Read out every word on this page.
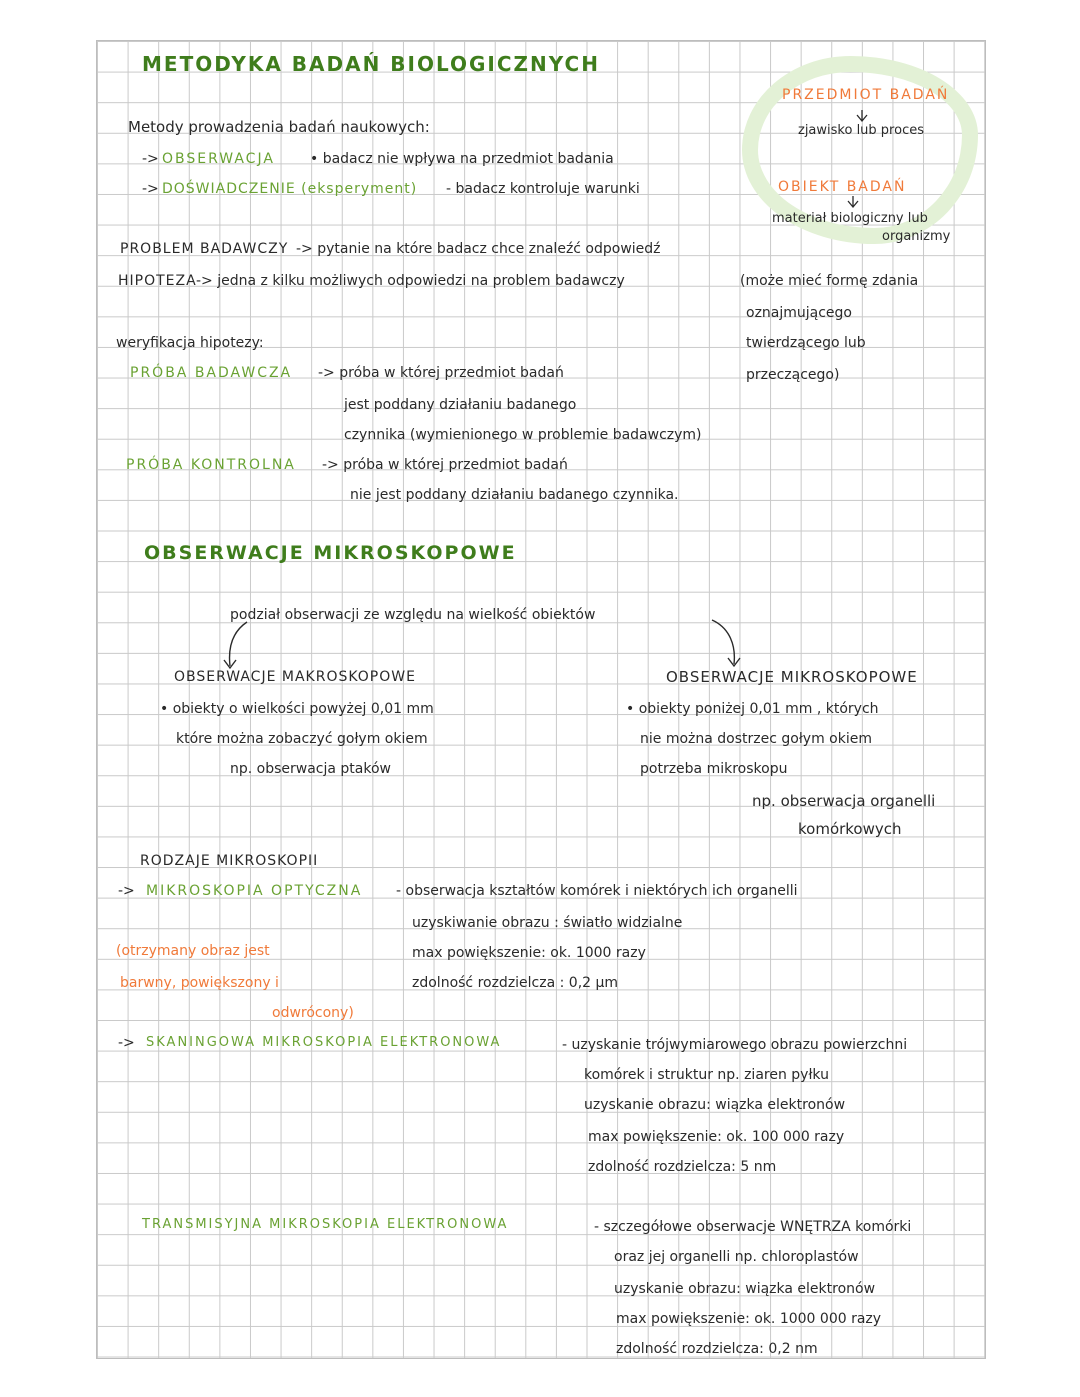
METODYKA BADAŃ BIOLOGICZNYCH
PRZEDMIOT BADAŃ
zjawisko lub proces
OBIEKT BADAŃ
materiał biologiczny lub
organizmy
Metody prowadzenia badań naukowych:
-> OBSERWACJA	• badacz nie wpływa na przedmiot badania
-> DOŚWIADCZENIE (eksperyment) - badacz kontroluje warunki
PROBLEM BADAWCZY -> pytanie na które badacz chce znaleźć odpowiedź
HIPOTEZA -> jedna z kilku możliwych odpowiedzi na problem badawczy	(może mieć formę zdania
oznajmującego
twierdzącego lub
przeczącego)
weryfikacja hipotezy:
PRÓBA BADAWCZA -> próba w której przedmiot badań
jest poddany działaniu badanego
czynnika (wymienionego w problemie badawczym)
PRÓBA KONTROLNA -> próba w której przedmiot badań
nie jest poddany działaniu badanego czynnika.
OBSERWACJE MIKROSKOPOWE
podział obserwacji ze względu na wielkość obiektów
OBSERWACJE MAKROSKOPOWE
• obiekty o wielkości powyżej 0,01 mm
które można zobaczyć gołym okiem
np. obserwacja ptaków
OBSERWACJE MIKROSKOPOWE
• obiekty poniżej 0,01 mm , których
nie można dostrzec gołym okiem
potrzeba mikroskopu
np. obserwacja organelli
komórkowych
RODZAJE MIKROSKOPII
-> MIKROSKOPIA OPTYCZNA - obserwacja kształtów komórek i niektórych ich organelli
uzyskiwanie obrazu : światło widzialne
max powiększenie: ok. 1000 razy
zdolność rozdzielcza : 0,2 µm
(otrzymany obraz jest
barwny, powiększony i
odwrócony)
-> SKANINGOWA MIKROSKOPIA ELEKTRONOWA	- uzyskanie trójwymiarowego obrazu powierzchni
komórek i struktur np. ziaren pyłku
uzyskanie obrazu: wiązka elektronów
max powiększenie: ok. 100 000 razy
zdolność rozdzielcza: 5 nm
TRANSMISYJNA MIKROSKOPIA ELEKTRONOWA	- szczegółowe obserwacje WNĘTRZA komórki
oraz jej organelli np. chloroplastów
uzyskanie obrazu: wiązka elektronów
max powiększenie: ok. 1000 000 razy
zdolność rozdzielcza: 0,2 nm
